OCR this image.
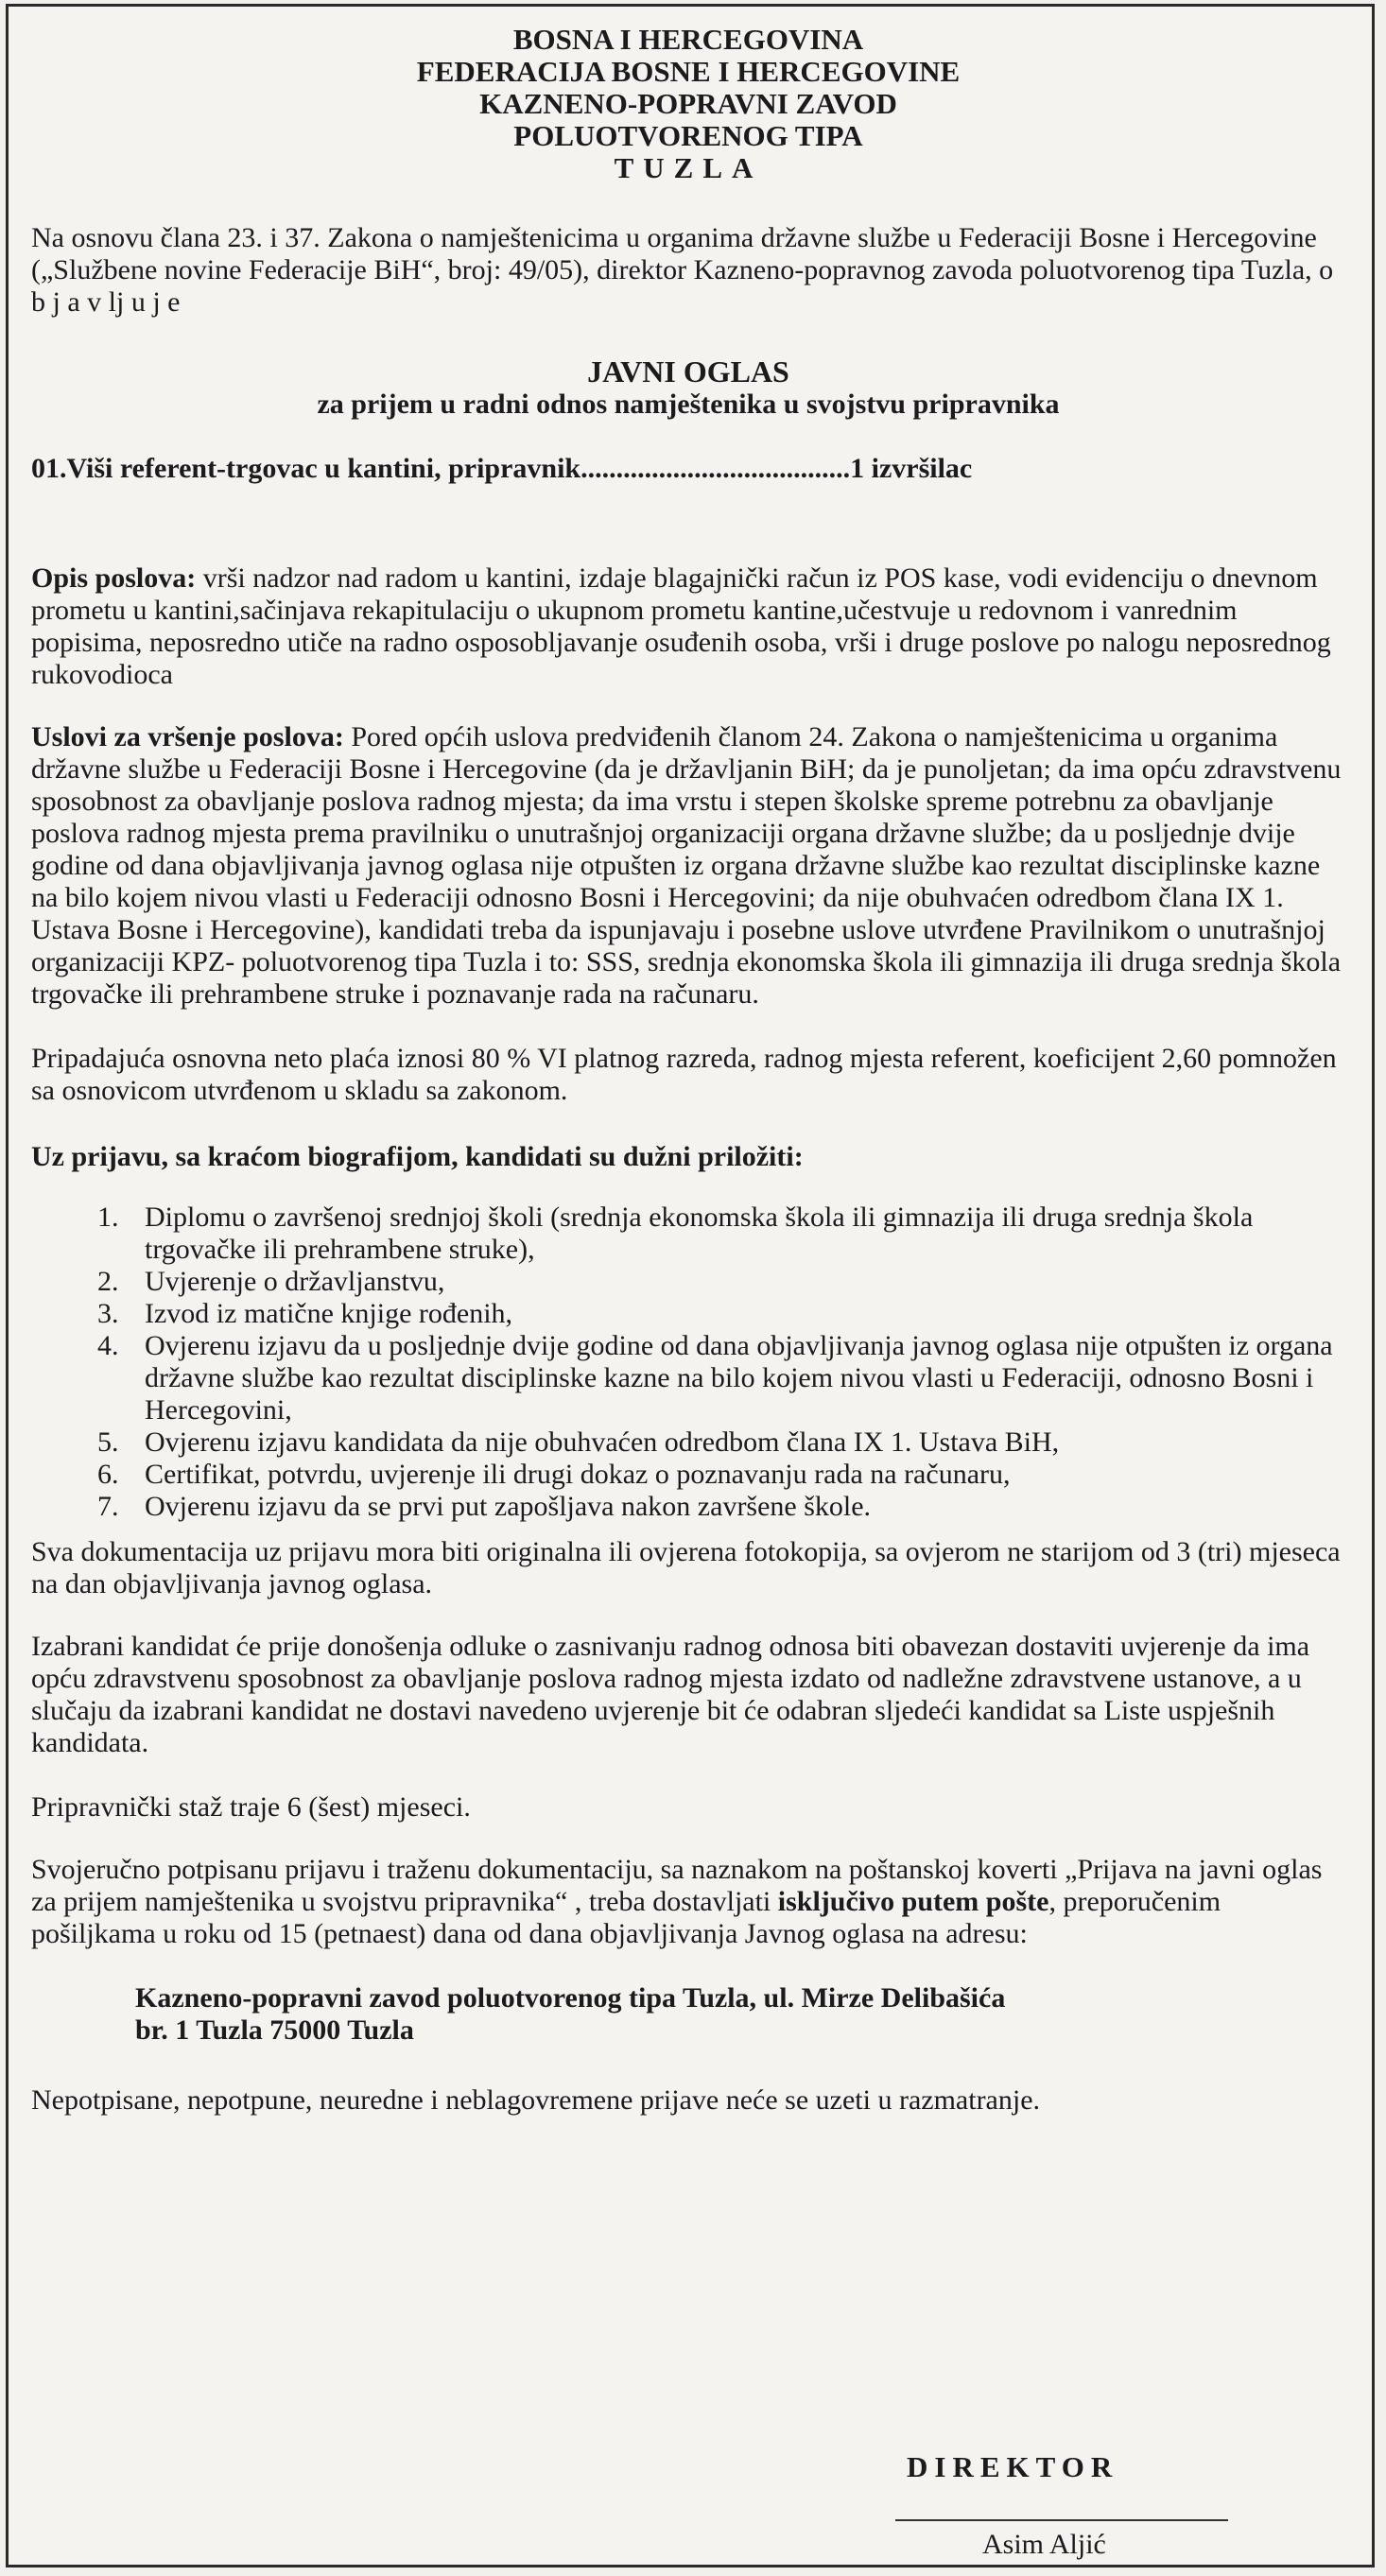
BOSNA I HERCEGOVINA
FEDERACIJA BOSNE I HERCEGOVINE
KAZNENO-POPRAVNI ZAVOD
POLUOTVORENOG TIPA
TUZLA

Na osnovu člana 23. i 37. Zakona o namještenicima u organima državne službe u Federaciji Bosne i Hercegovine („Službene novine Federacije BiH“, broj: 49/05), direktor Kazneno-popravnog zavoda poluotvorenog tipa Tuzla, o b j a v lj u j e

JAVNI OGLAS
za prijem u radni odnos namještenika u svojstvu pripravnika

01.Viši referent-trgovac u kantini, pripravnik......................................1 izvršilac

Opis poslova: vrši nadzor nad radom u kantini, izdaje blagajnički račun iz POS kase, vodi evidenciju o dnevnom prometu u kantini,sačinjava rekapitulaciju o ukupnom prometu kantine,učestvuje u redovnom i vanrednim popisima, neposredno utiče na radno osposobljavanje osuđenih osoba, vrši i druge poslove po nalogu neposrednog rukovodioca

Uslovi za vršenje poslova: Pored općih uslova predviđenih članom 24. Zakona o namještenicima u organima državne službe u Federaciji Bosne i Hercegovine (da je državljanin BiH; da je punoljetan; da ima opću zdravstvenu sposobnost za obavljanje poslova radnog mjesta; da ima vrstu i stepen školske spreme potrebnu za obavljanje poslova radnog mjesta prema pravilniku o unutrašnjoj organizaciji organa državne službe; da u posljednje dvije godine od dana objavljivanja javnog oglasa nije otpušten iz organa državne službe kao rezultat disciplinske kazne na bilo kojem nivou vlasti u Federaciji odnosno Bosni i Hercegovini; da nije obuhvaćen odredbom člana IX 1. Ustava Bosne i Hercegovine), kandidati treba da ispunjavaju i posebne uslove utvrđene Pravilnikom o unutrašnjoj organizaciji KPZ- poluotvorenog tipa Tuzla i to: SSS, srednja ekonomska škola ili gimnazija ili druga srednja škola trgovačke ili prehrambene struke i poznavanje rada na računaru.

Pripadajuća osnovna neto plaća iznosi 80 % VI platnog razreda, radnog mjesta referent, koeficijent 2,60 pomnožen sa osnovicom utvrđenom u skladu sa zakonom.

Uz prijavu, sa kraćom biografijom, kandidati su dužni priložiti:

1. Diplomu o završenoj srednjoj školi (srednja ekonomska škola ili gimnazija ili druga srednja škola trgovačke ili prehrambene struke),
2. Uvjerenje o državljanstvu,
3. Izvod iz matične knjige rođenih,
4. Ovjerenu izjavu da u posljednje dvije godine od dana objavljivanja javnog oglasa nije otpušten iz organa državne službe kao rezultat disciplinske kazne na bilo kojem nivou vlasti u Federaciji, odnosno Bosni i Hercegovini,
5. Ovjerenu izjavu kandidata da nije obuhvaćen odredbom člana IX 1. Ustava BiH,
6. Certifikat, potvrdu, uvjerenje ili drugi dokaz o poznavanju rada na računaru,
7. Ovjerenu izjavu da se prvi put zapošljava nakon završene škole.

Sva dokumentacija uz prijavu mora biti originalna ili ovjerena fotokopija, sa ovjerom ne starijom od 3 (tri) mjeseca na dan objavljivanja javnog oglasa.

Izabrani kandidat će prije donošenja odluke o zasnivanju radnog odnosa biti obavezan dostaviti uvjerenje da ima opću zdravstvenu sposobnost za obavljanje poslova radnog mjesta izdato od nadležne zdravstvene ustanove, a u slučaju da izabrani kandidat ne dostavi navedeno uvjerenje bit će odabran sljedeći kandidat sa Liste uspješnih kandidata.

Pripravnički staž traje 6 (šest) mjeseci.

Svojeručno potpisanu prijavu i traženu dokumentaciju, sa naznakom na poštanskoj koverti „Prijava na javni oglas za prijem namještenika u svojstvu pripravnika“ , treba dostavljati isključivo putem pošte, preporučenim pošiljkama u roku od 15 (petnaest) dana od dana objavljivanja Javnog oglasa na adresu:

Kazneno-popravni zavod poluotvorenog tipa Tuzla, ul. Mirze Delibašića

br. 1 Tuzla 75000 Tuzla

Nepotpisane, nepotpune, neuredne i neblagovremene prijave neće se uzeti u razmatranje.

DIREKTOR
Asim Aljić
